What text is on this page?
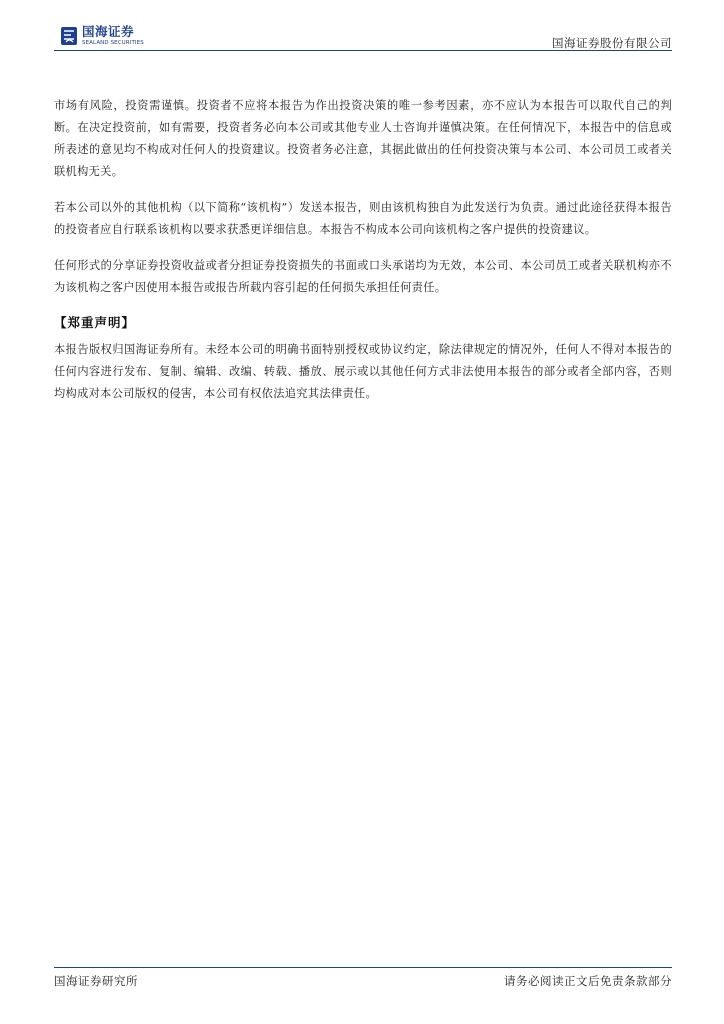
国海证券
SEALAND SECURITIES	国海证券股份有限公司

市场有风险，投资需谨慎。投资者不应将本报告为作出投资决策的唯一参考因素，亦不应认为本报告可以取代自己的判断。在决定投资前，如有需要，投资者务必向本公司或其他专业人士咨询并谨慎决策。在任何情况下，本报告中的信息或所表述的意见均不构成对任何人的投资建议。投资者务必注意，其据此做出的任何投资决策与本公司、本公司员工或者关联机构无关。

若本公司以外的其他机构（以下简称“该机构”）发送本报告，则由该机构独自为此发送行为负责。通过此途径获得本报告的投资者应自行联系该机构以要求获悉更详细信息。本报告不构成本公司向该机构之客户提供的投资建议。

任何形式的分享证券投资收益或者分担证券投资损失的书面或口头承诺均为无效，本公司、本公司员工或者关联机构亦不为该机构之客户因使用本报告或报告所载内容引起的任何损失承担任何责任。

【郑重声明】

本报告版权归国海证券所有。未经本公司的明确书面特别授权或协议约定，除法律规定的情况外，任何人不得对本报告的任何内容进行发布、复制、编辑、改编、转载、播放、展示或以其他任何方式非法使用本报告的部分或者全部内容，否则均构成对本公司版权的侵害，本公司有权依法追究其法律责任。

国海证券研究所	请务必阅读正文后免责条款部分
